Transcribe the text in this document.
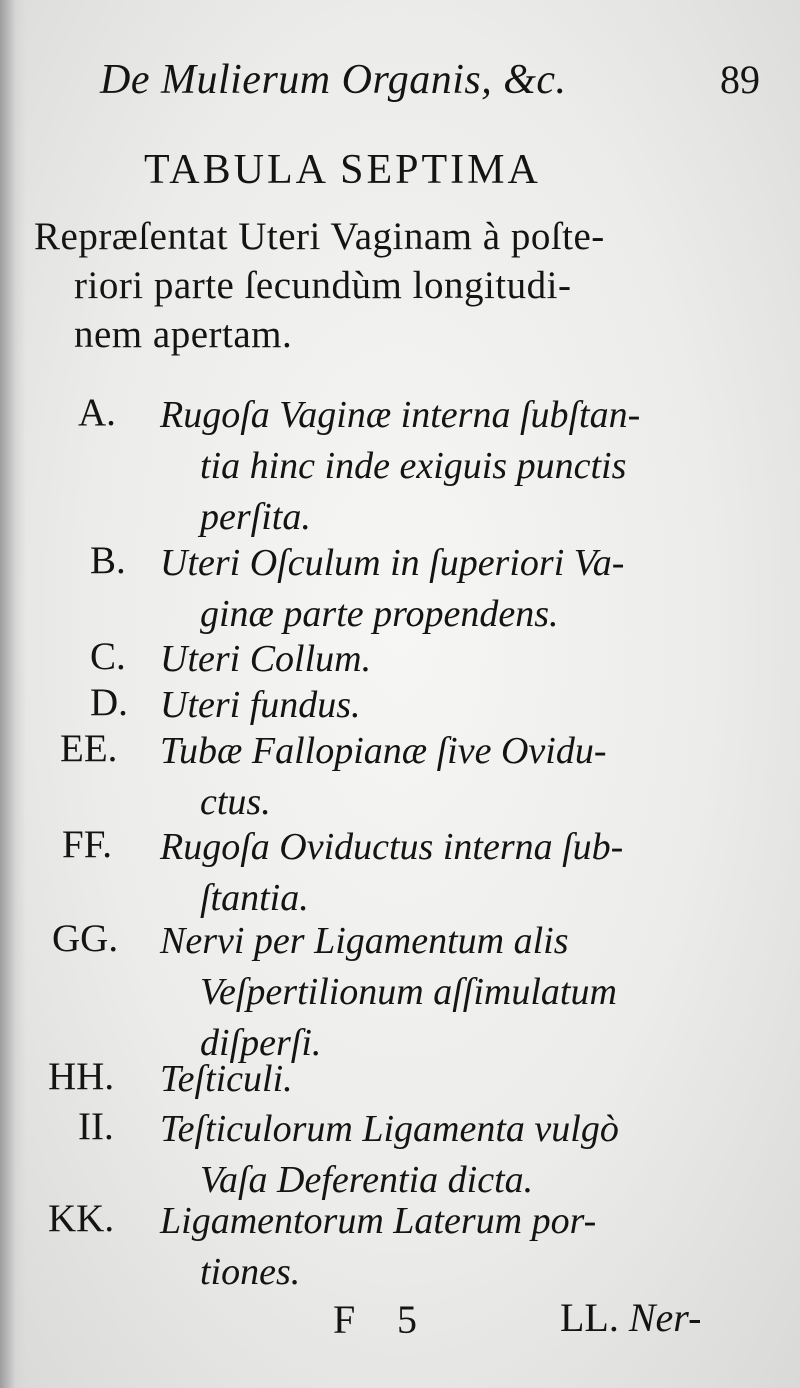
De Mulierum Organis, &c.	89
TABULA SEPTIMA
Repræſentat Uteri Vaginam à poſte-
riori parte ſecundùm longitudi-
nem apertam.
A. Rugoſa Vaginæ interna ſubſtan-
tia hinc inde exiguis punctis
perſita.
B. Uteri Oſculum in ſuperiori Va-
ginæ parte propendens.
C. Uteri Collum.
D. Uteri fundus.
EE. Tubæ Fallopianæ ſive Ovidu-
ctus.
FF. Rugoſa Oviductus interna ſub-
ſtantia.
GG. Nervi per Ligamentum alis
Veſpertilionum aſſimulatum
diſperſi.
HH. Teſticuli.
II. Teſticulorum Ligamenta vulgò
Vaſa Deferentia dicta.
KK. Ligamentorum Laterum por-
tiones.
F 5	LL. Ner-
